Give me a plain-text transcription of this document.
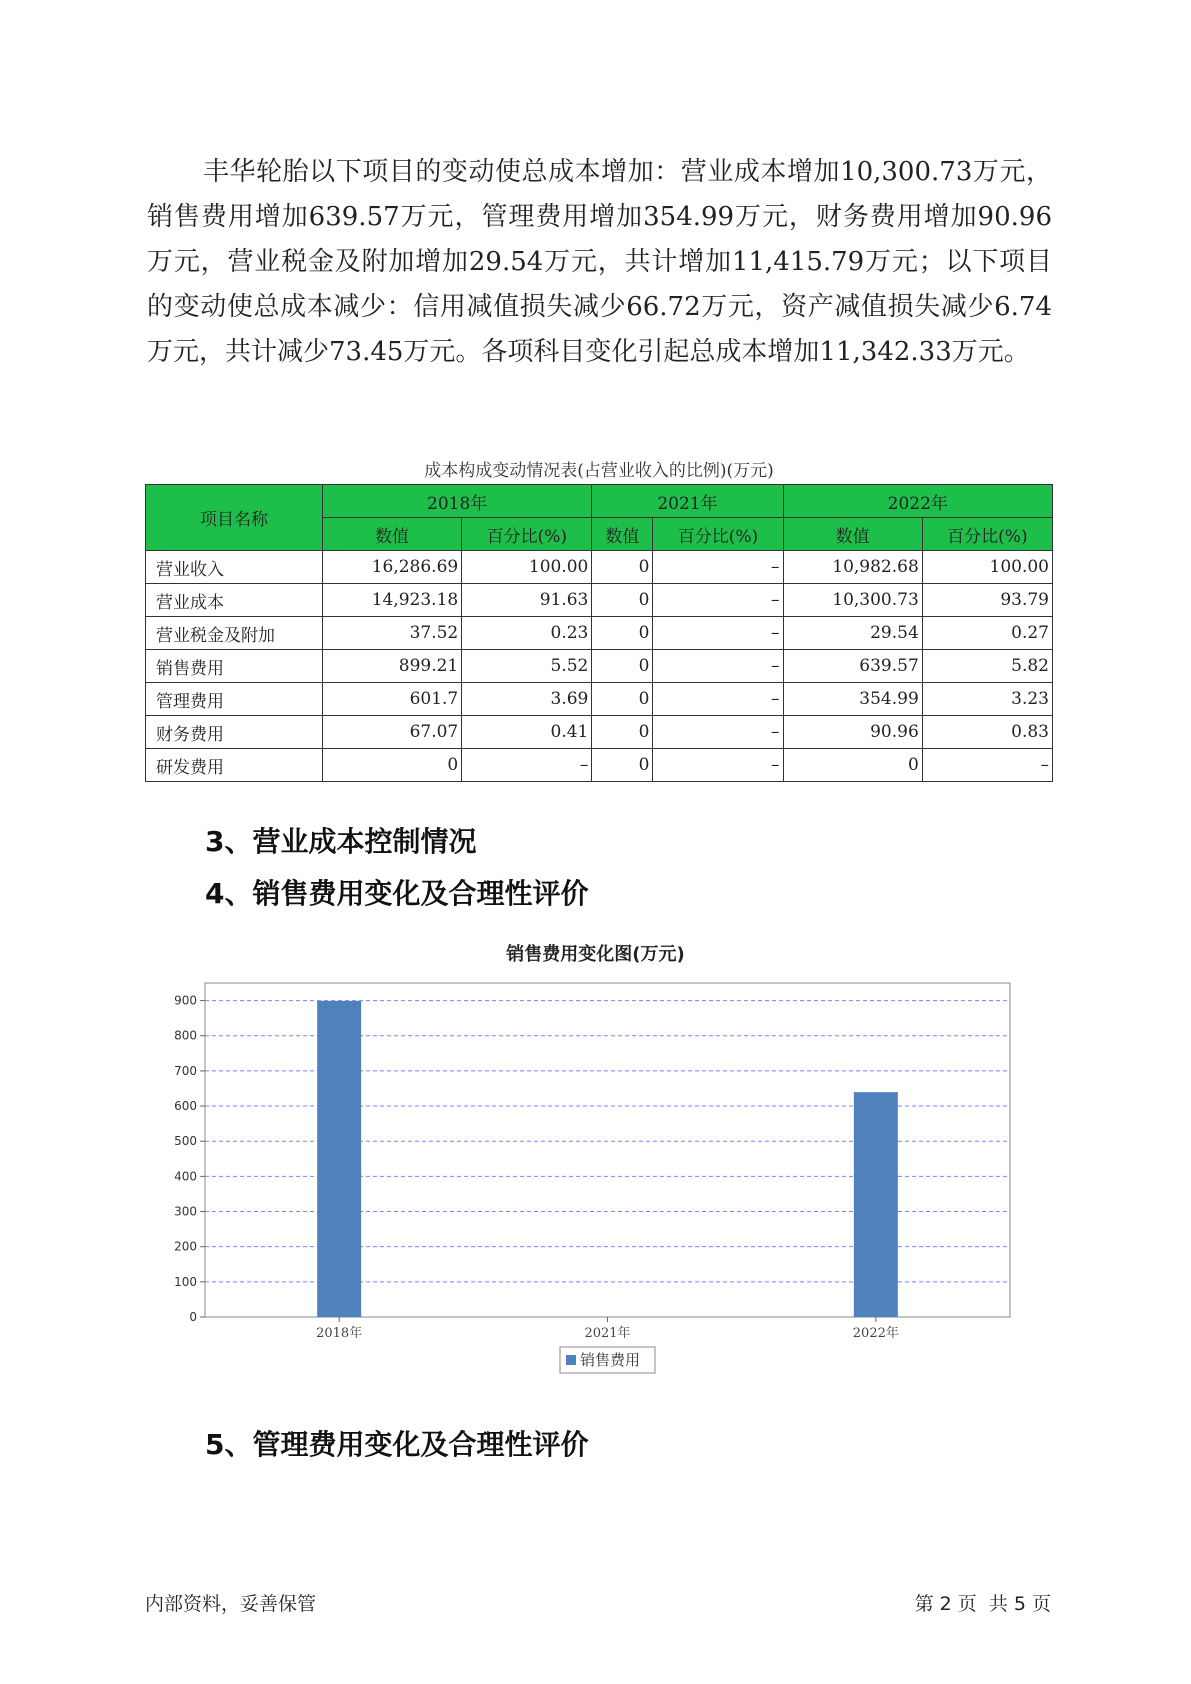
丰华轮胎以下项目的变动使总成本增加：营业成本增加10,300.73万元，销售费用增加639.57万元，管理费用增加354.99万元，财务费用增加90.96万元，营业税金及附加增加29.54万元，共计增加11,415.79万元；以下项目的变动使总成本减少：信用减值损失减少66.72万元，资产减值损失减少6.74万元，共计减少73.45万元。各项科目变化引起总成本增加11,342.33万元。

成本构成变动情况表(占营业收入的比例)(万元)
项目名称	2018年		2021年		2022年	
	数值	百分比(%)	数值	百分比(%)	数值	百分比(%)
营业收入	16,286.69	100.00	0	–	10,982.68	100.00
营业成本	14,923.18	91.63	0	–	10,300.73	93.79
营业税金及附加	37.52	0.23	0	–	29.54	0.27
销售费用	899.21	5.52	0	–	639.57	5.82
管理费用	601.7	3.69	0	–	354.99	3.23
财务费用	67.07	0.41	0	–	90.96	0.83
研发费用	0	–	0	–	0	–
3、营业成本控制情况
4、销售费用变化及合理性评价
销售费用变化图(万元)
0
100
200
300
400
500
600
700
800
900
2018年	2021年	2022年
销售费用
5、管理费用变化及合理性评价
内部资料，妥善保管	第 2 页  共 5 页
